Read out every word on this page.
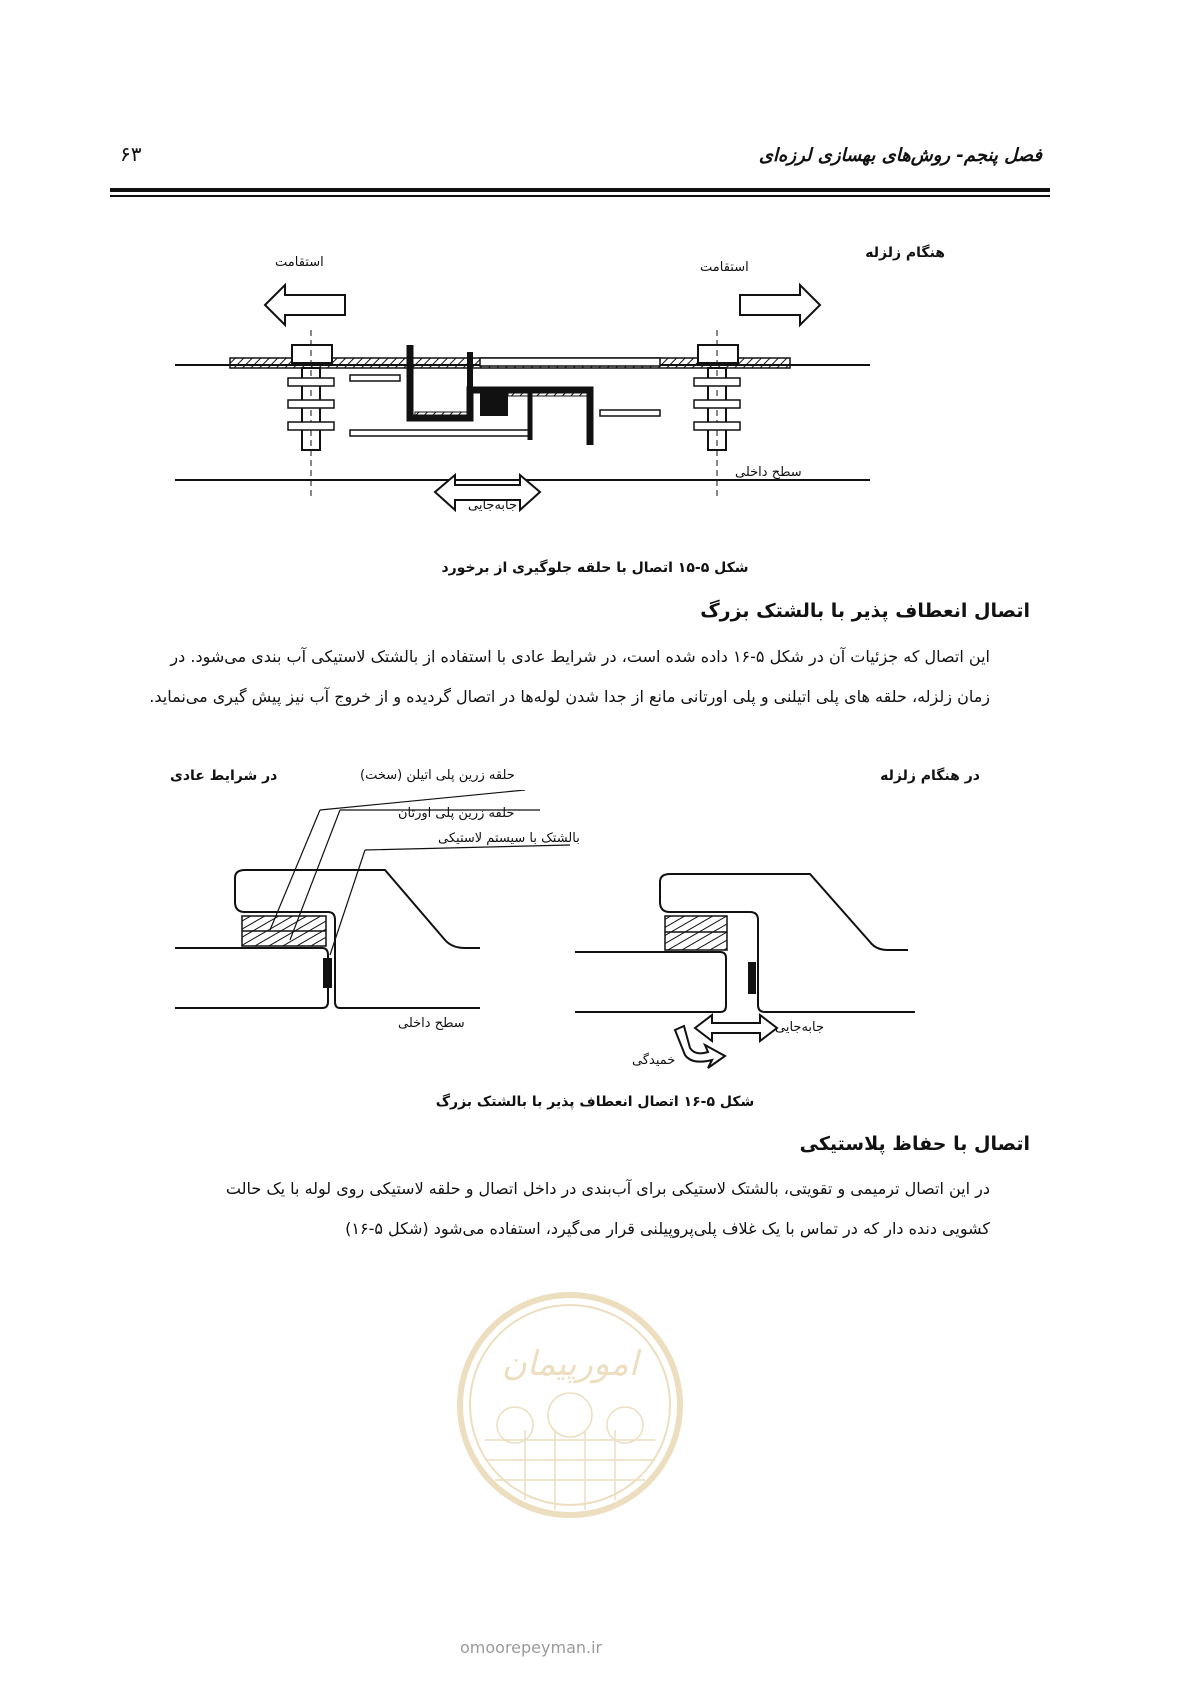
۶۳	فصل پنجم- روش‌های بهسازی لرزه‌ای
هنگام زلزله
استقامت	استقامت
سطح داخلی
جابه‌جایی
شکل ۵-۱۵ اتصال با حلقه جلوگیری از برخورد
اتصال انعطاف پذیر با بالشتک بزرگ
این اتصال که جزئیات آن در شکل ۵-۱۶ داده شده است، در شرایط عادی با استفاده از بالشتک لاستیکی آب بندی می‌شود. در
زمان زلزله، حلقه های پلی اتیلنی و پلی اورتانی مانع از جدا شدن لوله‌ها در اتصال گردیده و از خروج آب نیز پیش گیری می‌نماید.
در شرایط عادی	در هنگام زلزله
حلقه زرین پلی اتیلن (سخت)
حلقه زرین پلی اورتان
بالشتک با سیستم لاستیکی
سطح داخلی	جابه‌جایی
خمیدگی
شکل ۵-۱۶ اتصال انعطاف پذیر با بالشتک بزرگ
اتصال با حفاظ پلاستیکی
در این اتصال ترمیمی و تقویتی، بالشتک لاستیکی برای آب‌بندی در داخل اتصال و حلقه لاستیکی روی لوله با یک حالت
کشویی دنده دار که در تماس با یک غلاف پلی‌پروپیلنی قرار می‌گیرد، استفاده می‌شود (شکل ۵-۱۶)
امورپیمان
omoorepeyman.ir
